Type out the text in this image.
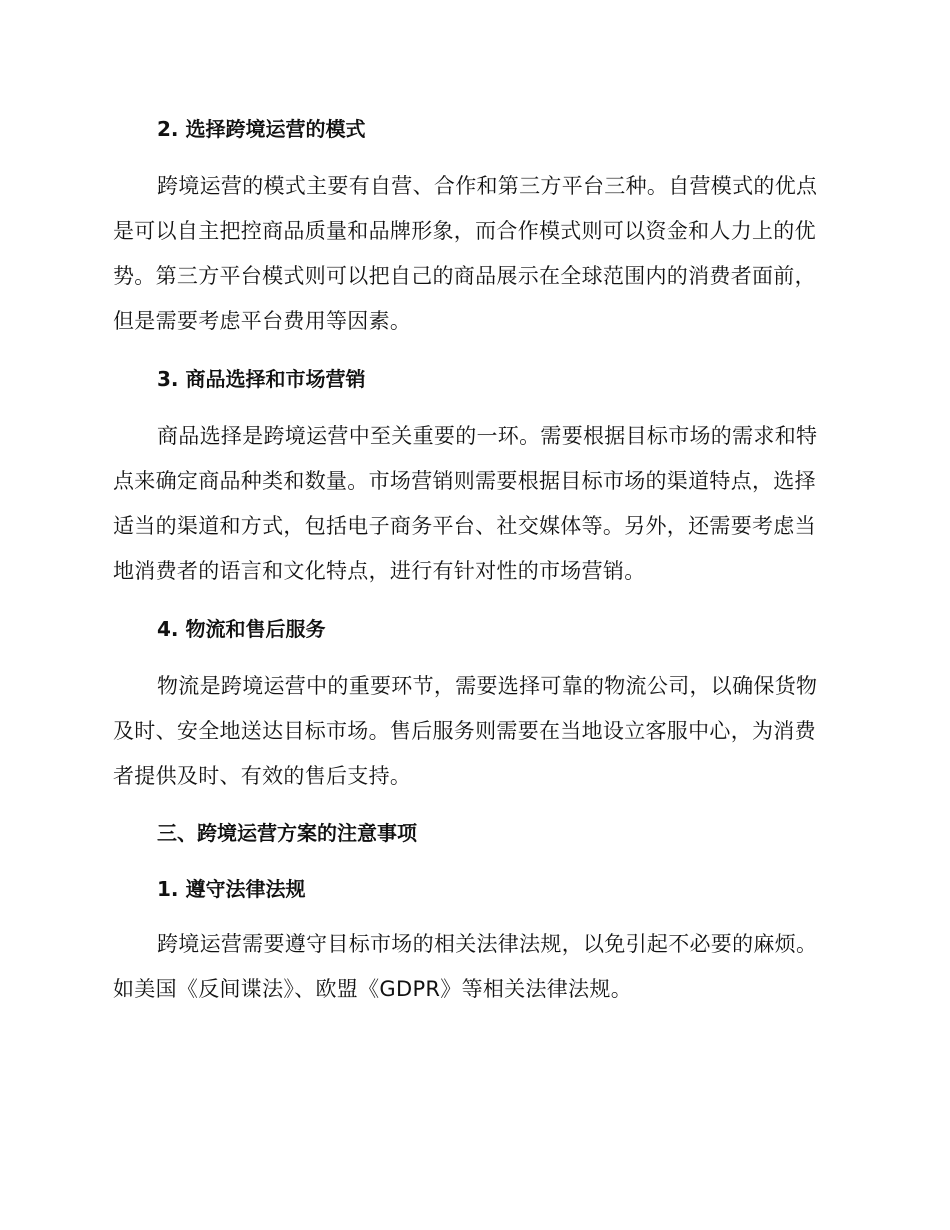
2. 选择跨境运营的模式

跨境运营的模式主要有自营、合作和第三方平台三种。自营模式的优点是可以自主把控商品质量和品牌形象，而合作模式则可以资金和人力上的优势。第三方平台模式则可以把自己的商品展示在全球范围内的消费者面前，但是需要考虑平台费用等因素。

3. 商品选择和市场营销

商品选择是跨境运营中至关重要的一环。需要根据目标市场的需求和特点来确定商品种类和数量。市场营销则需要根据目标市场的渠道特点，选择适当的渠道和方式，包括电子商务平台、社交媒体等。另外，还需要考虑当地消费者的语言和文化特点，进行有针对性的市场营销。

4. 物流和售后服务

物流是跨境运营中的重要环节，需要选择可靠的物流公司，以确保货物及时、安全地送达目标市场。售后服务则需要在当地设立客服中心，为消费者提供及时、有效的售后支持。

三、跨境运营方案的注意事项
1. 遵守法律法规

跨境运营需要遵守目标市场的相关法律法规，以免引起不必要的麻烦。如美国《反间谍法》、欧盟《GDPR》等相关法律法规。
